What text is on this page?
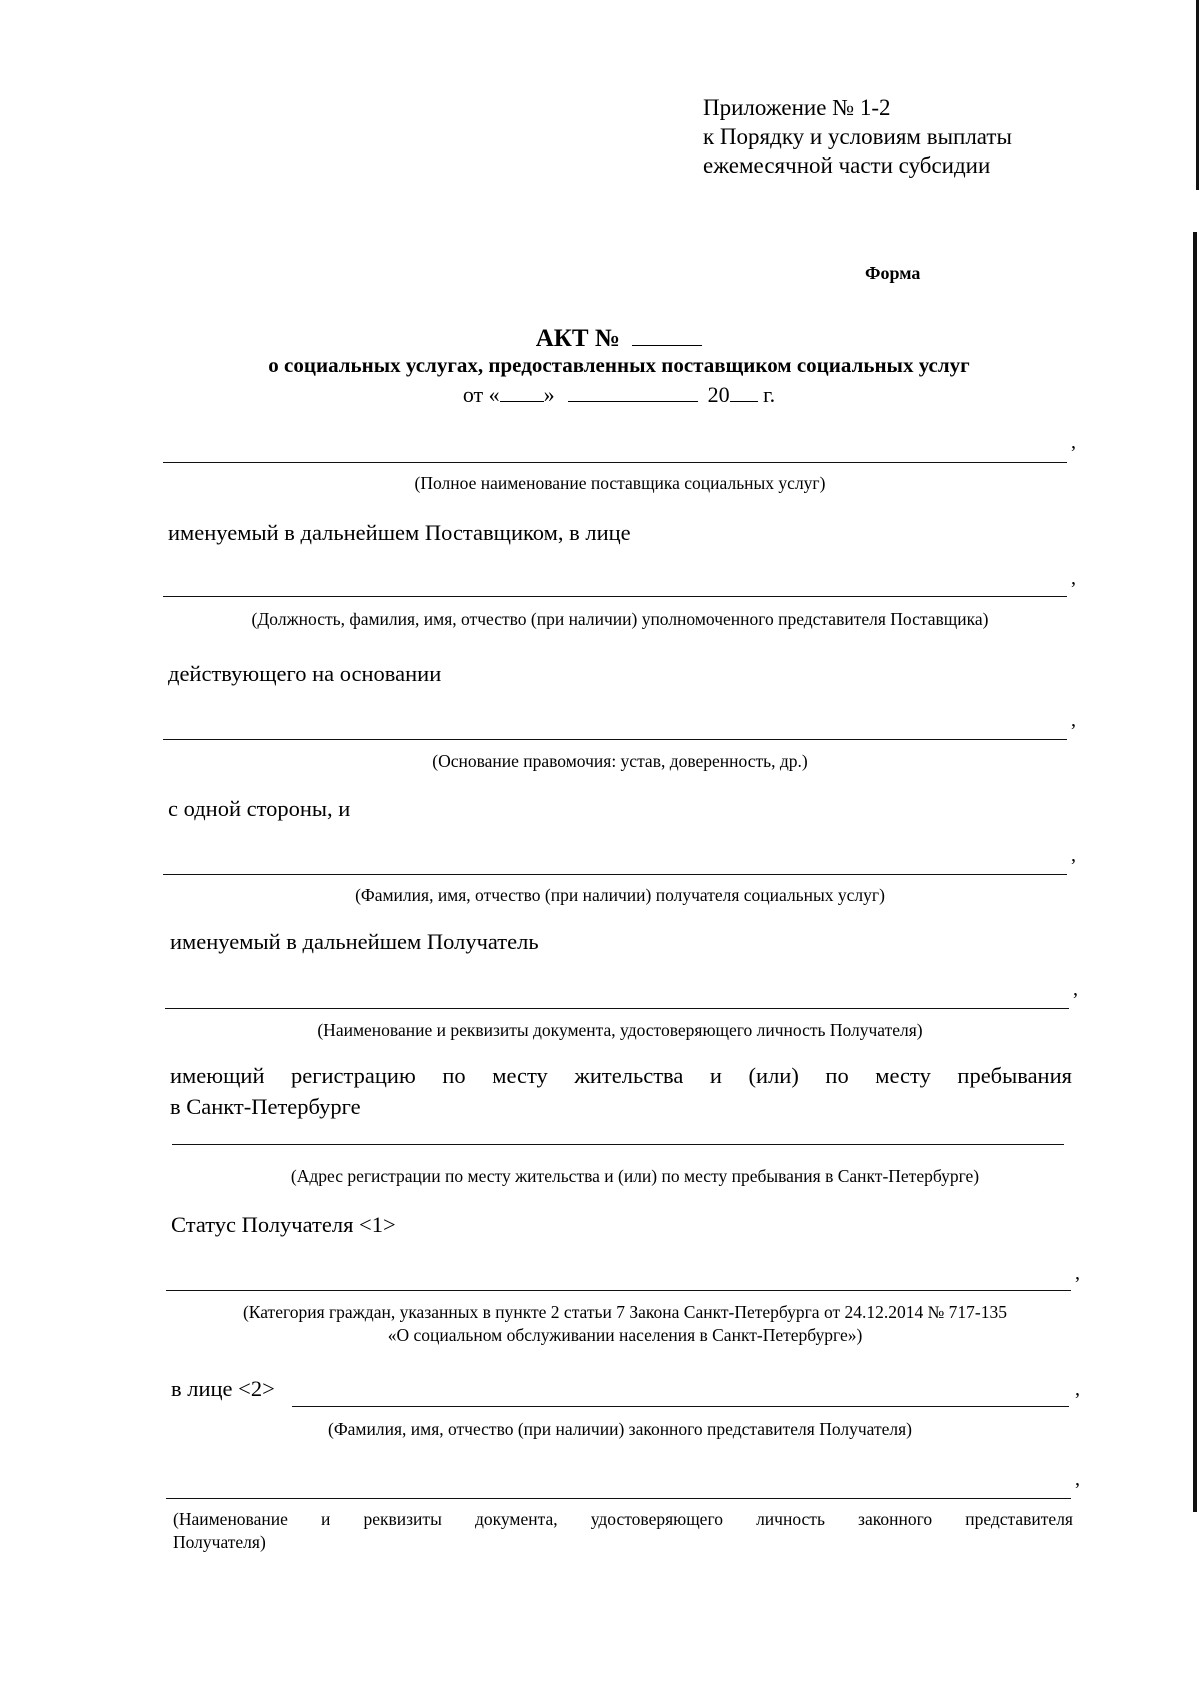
Приложение № 1-2
к Порядку и условиям выплаты
ежемесячной части субсидии
Форма
АКТ №
о социальных услугах, предоставленных поставщиком социальных услуг
от « »	20 г.
,
(Полное наименование поставщика социальных услуг)
именуемый в дальнейшем Поставщиком, в лице
,
(Должность, фамилия, имя, отчество (при наличии) уполномоченного представителя Поставщика)
действующего на основании
,
(Основание правомочия: устав, доверенность, др.)
с одной стороны, и
,
(Фамилия, имя, отчество (при наличии) получателя социальных услуг)
именуемый в дальнейшем Получатель
,
(Наименование и реквизиты документа, удостоверяющего личность Получателя)
имеющий регистрацию по месту жительства и (или) по месту пребывания
в Санкт-Петербурге
(Адрес регистрации по месту жительства и (или) по месту пребывания в Санкт-Петербурге)
Статус Получателя <1>
,
(Категория граждан, указанных в пункте 2 статьи 7 Закона Санкт-Петербурга от 24.12.2014 № 717-135
«О социальном обслуживании населения в Санкт-Петербурге»)
в лице <2>	,
(Фамилия, имя, отчество (при наличии) законного представителя Получателя)
,
(Наименование и реквизиты документа, удостоверяющего личность законного представителя
Получателя)
